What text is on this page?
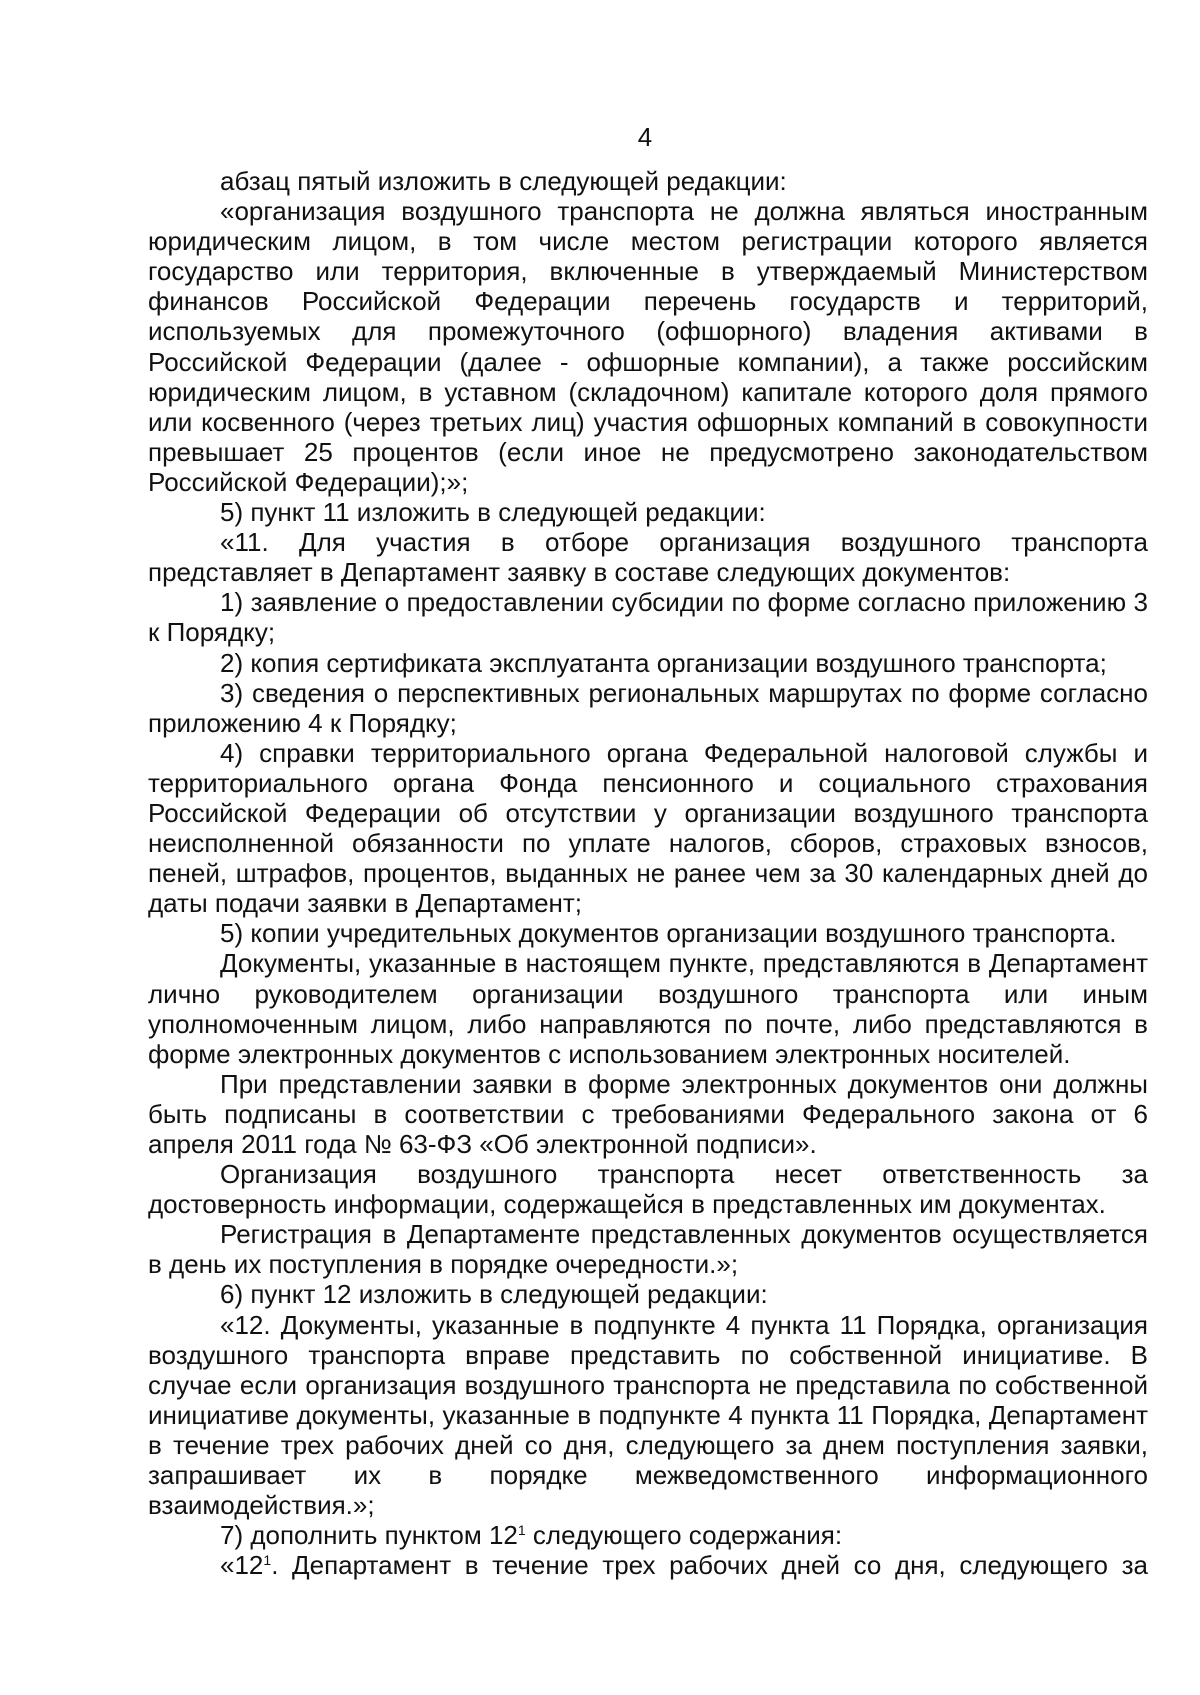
4

абзац пятый изложить в следующей редакции:

«организация воздушного транспорта не должна являться иностранным юридическим лицом, в том числе местом регистрации которого является государство или территория, включенные в утверждаемый Министерством финансов Российской Федерации перечень государств и территорий, используемых для промежуточного (офшорного) владения активами в Российской Федерации (далее - офшорные компании), а также российским юридическим лицом, в уставном (складочном) капитале которого доля прямого или косвенного (через третьих лиц) участия офшорных компаний в совокупности превышает 25 процентов (если иное не предусмотрено законодательством Российской Федерации);»;

5) пункт 11 изложить в следующей редакции:

«11. Для участия в отборе организация воздушного транспорта представляет в Департамент заявку в составе следующих документов:

1) заявление о предоставлении субсидии по форме согласно приложению 3 к Порядку;

2) копия сертификата эксплуатанта организации воздушного транспорта;

3) сведения о перспективных региональных маршрутах по форме согласно приложению 4 к Порядку;

4) справки территориального органа Федеральной налоговой службы и территориального органа Фонда пенсионного и социального страхования Российской Федерации об отсутствии у организации воздушного транспорта неисполненной обязанности по уплате налогов, сборов, страховых взносов, пеней, штрафов, процентов, выданных не ранее чем за 30 календарных дней до даты подачи заявки в Департамент;

5) копии учредительных документов организации воздушного транспорта.

Документы, указанные в настоящем пункте, представляются в Департамент лично руководителем организации воздушного транспорта или иным уполномоченным лицом, либо направляются по почте, либо представляются в форме электронных документов с использованием электронных носителей.

При представлении заявки в форме электронных документов они должны быть подписаны в соответствии с требованиями Федерального закона от 6 апреля 2011 года № 63-ФЗ «Об электронной подписи».

Организация воздушного транспорта несет ответственность за достоверность информации, содержащейся в представленных им документах.

Регистрация в Департаменте представленных документов осуществляется в день их поступления в порядке очередности.»;

6) пункт 12 изложить в следующей редакции:

«12. Документы, указанные в подпункте 4 пункта 11 Порядка, организация воздушного транспорта вправе представить по собственной инициативе. В случае если организация воздушного транспорта не представила по собственной инициативе документы, указанные в подпункте 4 пункта 11 Порядка, Департамент в течение трех рабочих дней со дня, следующего за днем поступления заявки, запрашивает их в порядке межведомственного информационного взаимодействия.»;

7) дополнить пунктом $12^1$ следующего содержания:

«$12^1$. Департамент в течение трех рабочих дней со дня, следующего за
